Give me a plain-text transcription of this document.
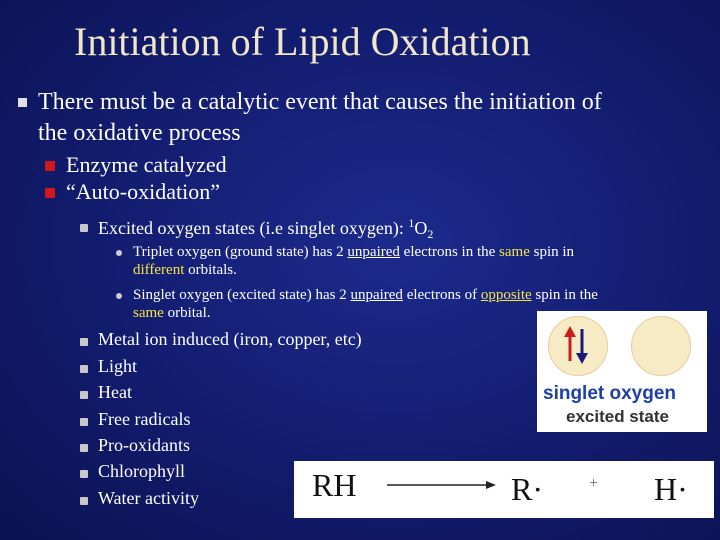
Initiation of Lipid Oxidation
There must be a catalytic event that causes the initiation of
the oxidative process
Enzyme catalyzed
“Auto-oxidation”
Excited oxygen states (i.e singlet oxygen): $^1O_2$
Triplet oxygen (ground state) has 2 unpaired electrons in the same spin in
different orbitals.
Singlet oxygen (excited state) has 2 unpaired electrons of opposite spin in the
same orbital.
Metal ion induced (iron, copper, etc)
Light
Heat
Free radicals
Pro-oxidants
Chlorophyll
Water activity
singlet oxygen
excited state
RH	R·	+ H·
